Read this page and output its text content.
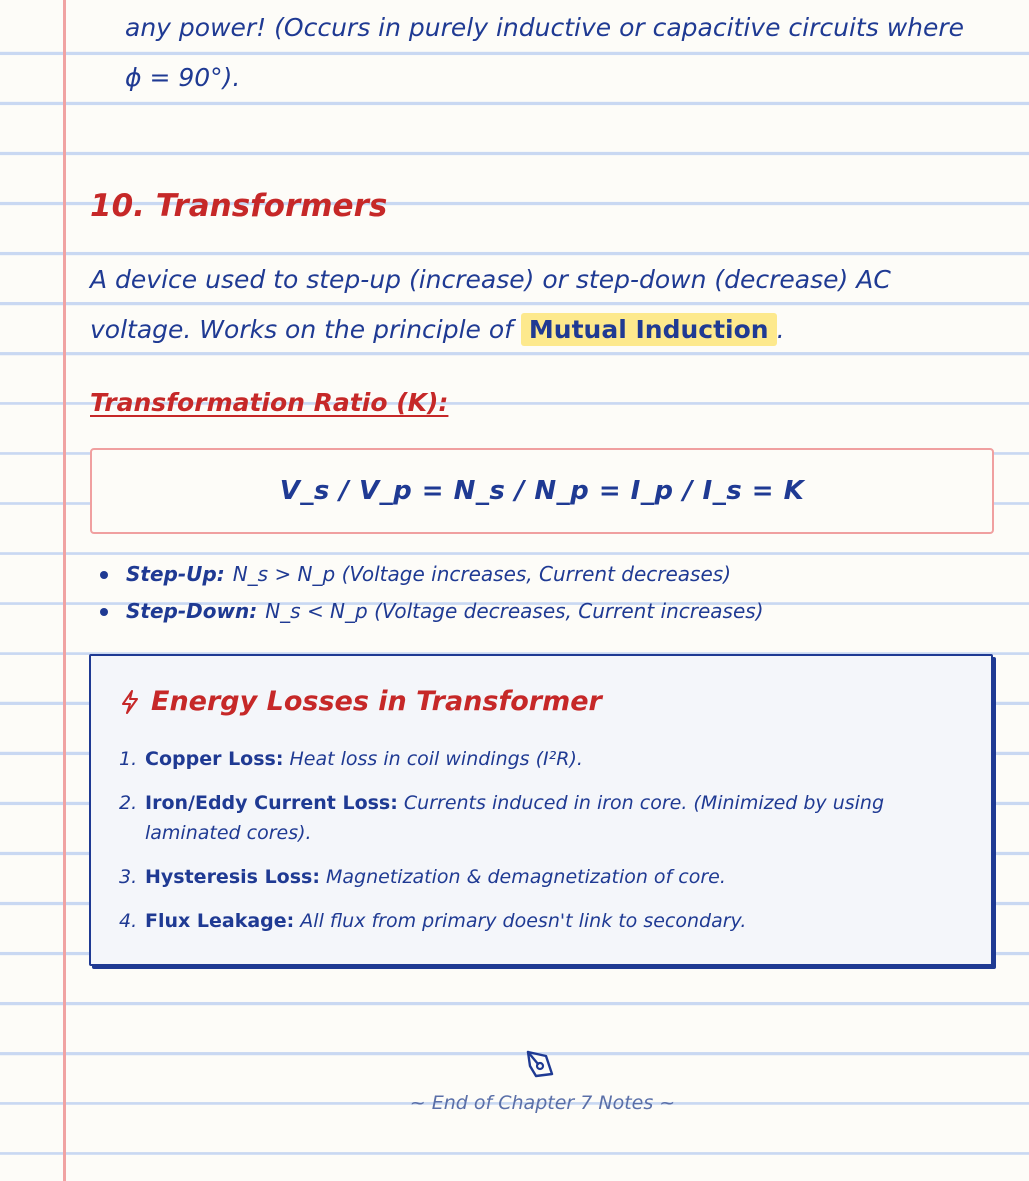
any power! (Occurs in purely inductive or capacitive circuits where
ϕ = 90°).
10. Transformers
A device used to step-up (increase) or step-down (decrease) AC voltage. Works on the principle of Mutual Induction .
Transformation Ratio (K):
V_s / V_p = N_s / N_p = I_p / I_s = K
Step-Up: N_s > N_p (Voltage increases, Current decreases)
Step-Down: N_s < N_p (Voltage decreases, Current increases)
Energy Losses in Transformer
1. Copper Loss: Heat loss in coil windings (I²R).
2. Iron/Eddy Current Loss: Currents induced in iron core. (Minimized by using laminated cores).
3. Hysteresis Loss: Magnetization & demagnetization of core.
4. Flux Leakage: All flux from primary doesn't link to secondary.
~ End of Chapter 7 Notes ~
